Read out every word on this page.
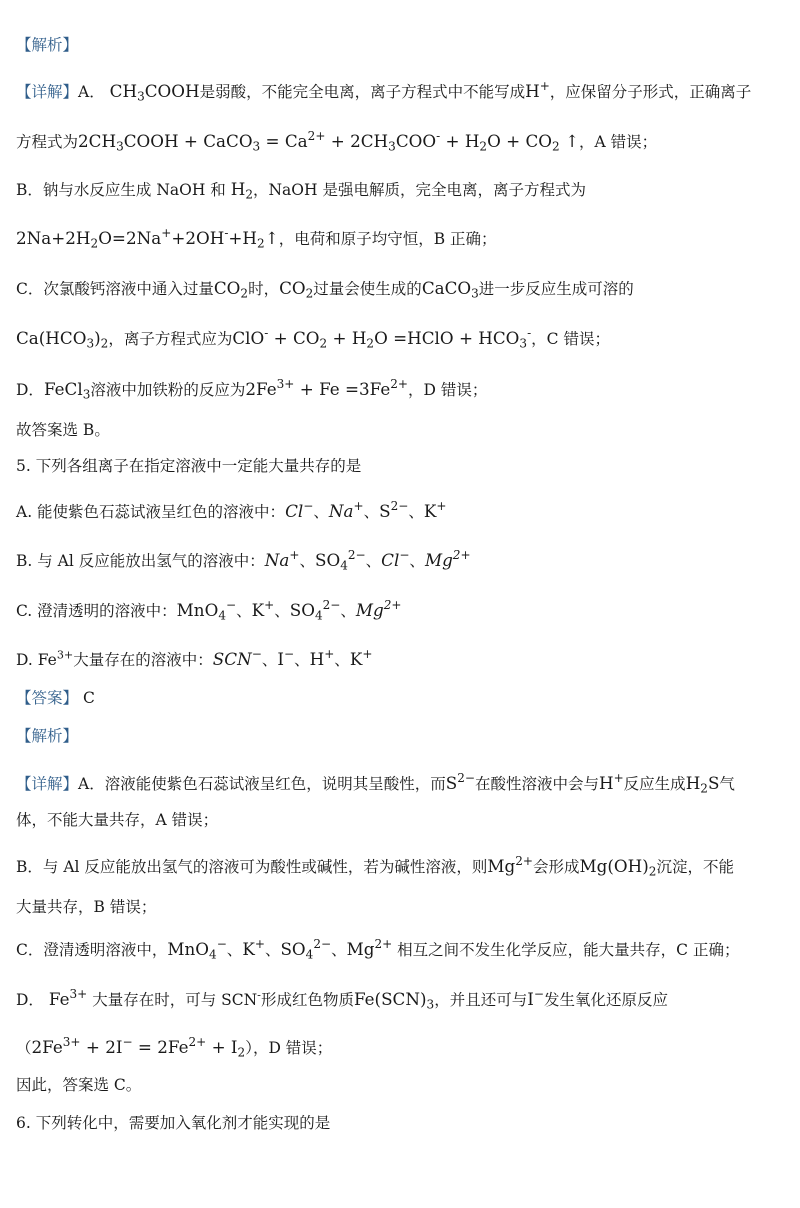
【解析】
【详解】A． $CH_3COOH$是弱酸，不能完全电离，离子方程式中不能写成H+，应保留分子形式，正确离子
方程式为$2CH_3COOH$ + CaCO$_3$ = $Ca^{2+} + 2CH_3COO^- + H_2O + CO_2$ ↑，A 错误；
B．钠与水反应生成 NaOH 和 $H_2$，NaOH 是强电解质，完全电离，离子方程式为
$2Na+2H_2O=2Na^++2OH^-+H_2↑$，电荷和原子均守恒，B 正确；
C．次氯酸钙溶液中通入过量$CO_2$时，$CO_2$过量会使生成的CaCO$_3$进一步反应生成可溶的
$Ca(HCO_3)_2$，离子方程式应为$ClO^- + CO_2 + H_2O$ =HClO + $HCO_3^-$，C 错误；
D．FeCl$_3$溶液中加铁粉的反应为$2Fe^{3+} + Fe =3Fe^{2+}$，D 错误；
故答案选 B。
5. 下列各组离子在指定溶液中一定能大量共存的是
A. 能使紫色石蕊试液呈红色的溶液中：Cl−、Na+、$S^{2-}$、K+
B. 与 Al 反应能放出氢气的溶液中：Na+、$SO_4^{2-}$、Cl−、$Mg^{2+}$
C. 澄清透明的溶液中：MnO$_4$−、K+、$SO_4^{2-}$、$Mg^{2+}$
D. $Fe^{3+}$大量存在的溶液中：SCN−、I−、H+、K+
【答案】 C
【解析】
【详解】A．溶液能使紫色石蕊试液呈红色，说明其呈酸性，而$S^{2-}$在酸性溶液中会与H+反应生成$H_2S$气
体，不能大量共存，A 错误；
B．与 Al 反应能放出氢气的溶液可为酸性或碱性，若为碱性溶液，则$Mg^{2+}$会形成$Mg(OH)_2$沉淀，不能
大量共存，B 错误；
C．澄清透明溶液中，MnO$_4$−、K+、$SO_4^{2-}$、$Mg^{2+}$ 相互之间不发生化学反应，能大量共存，C 正确；
D． $Fe^{3+}$ 大量存在时，可与 SCN-形成红色物质$Fe(SCN)_3$，并且还可与I−发生氧化还原反应
$(2Fe^{3+} + 2I^- = 2Fe^{2+} + I_2)$，D 错误；
因此，答案选 C。
6. 下列转化中，需要加入氧化剂才能实现的是
